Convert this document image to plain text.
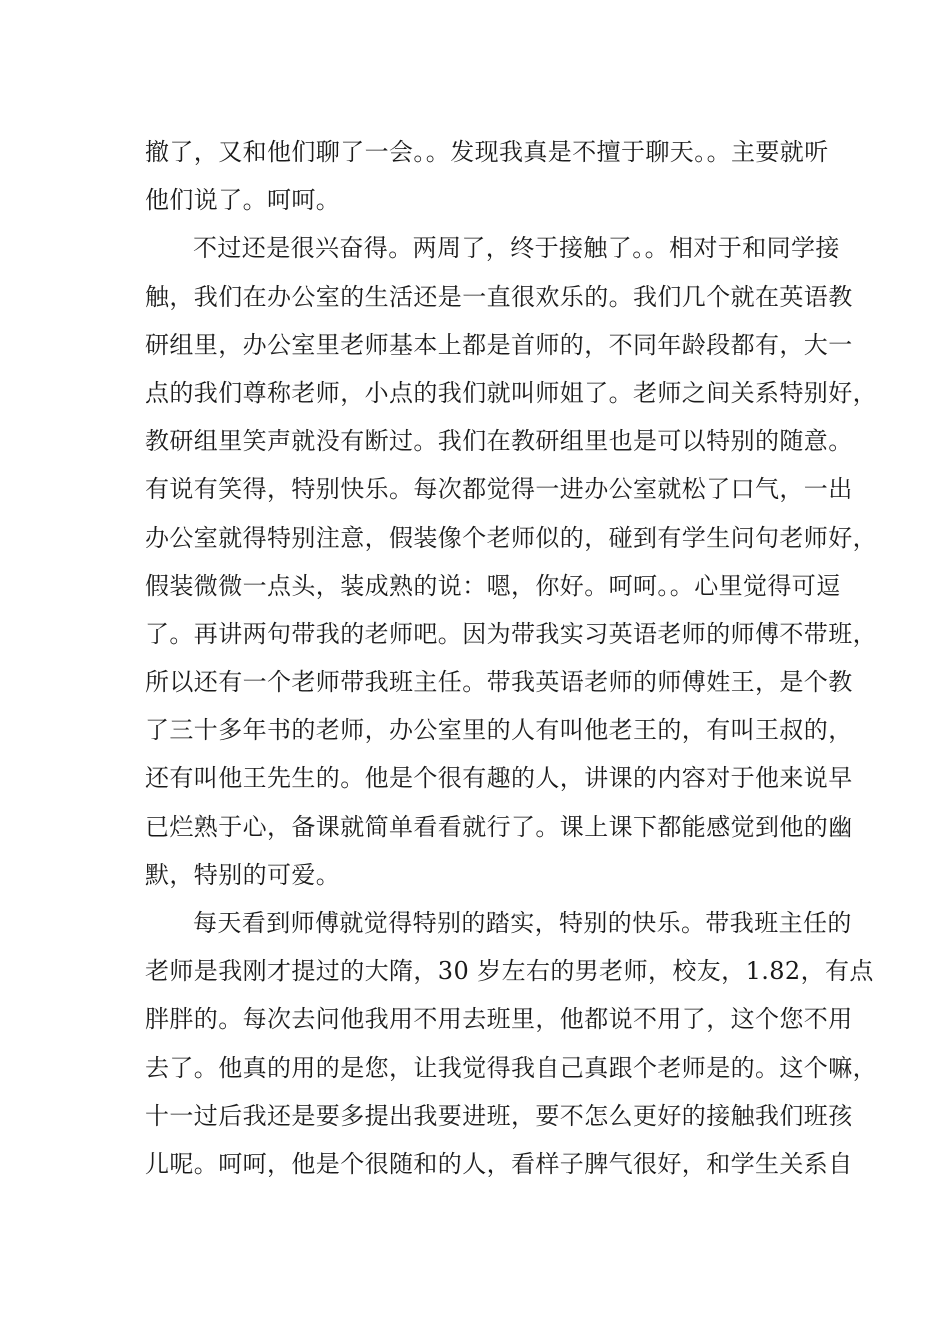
撤了，又和他们聊了一会。。发现我真是不擅于聊天。。主要就听
他们说了。呵呵。
不过还是很兴奋得。两周了，终于接触了。。相对于和同学接
触，我们在办公室的生活还是一直很欢乐的。我们几个就在英语教
研组里，办公室里老师基本上都是首师的，不同年龄段都有，大一
点的我们尊称老师，小点的我们就叫师姐了。老师之间关系特别好，
教研组里笑声就没有断过。我们在教研组里也是可以特别的随意。
有说有笑得，特别快乐。每次都觉得一进办公室就松了口气，一出
办公室就得特别注意，假装像个老师似的，碰到有学生问句老师好，
假装微微一点头，装成熟的说：嗯，你好。呵呵。。心里觉得可逗
了。再讲两句带我的老师吧。因为带我实习英语老师的师傅不带班，
所以还有一个老师带我班主任。带我英语老师的师傅姓王，是个教
了三十多年书的老师，办公室里的人有叫他老王的，有叫王叔的，
还有叫他王先生的。他是个很有趣的人，讲课的内容对于他来说早
已烂熟于心，备课就简单看看就行了。课上课下都能感觉到他的幽
默，特别的可爱。
每天看到师傅就觉得特别的踏实，特别的快乐。带我班主任的
老师是我刚才提过的大隋，30 岁左右的男老师，校友，1.82，有点
胖胖的。每次去问他我用不用去班里，他都说不用了，这个您不用
去了。他真的用的是您，让我觉得我自己真跟个老师是的。这个嘛，
十一过后我还是要多提出我要进班，要不怎么更好的接触我们班孩
儿呢。呵呵，他是个很随和的人，看样子脾气很好，和学生关系自
